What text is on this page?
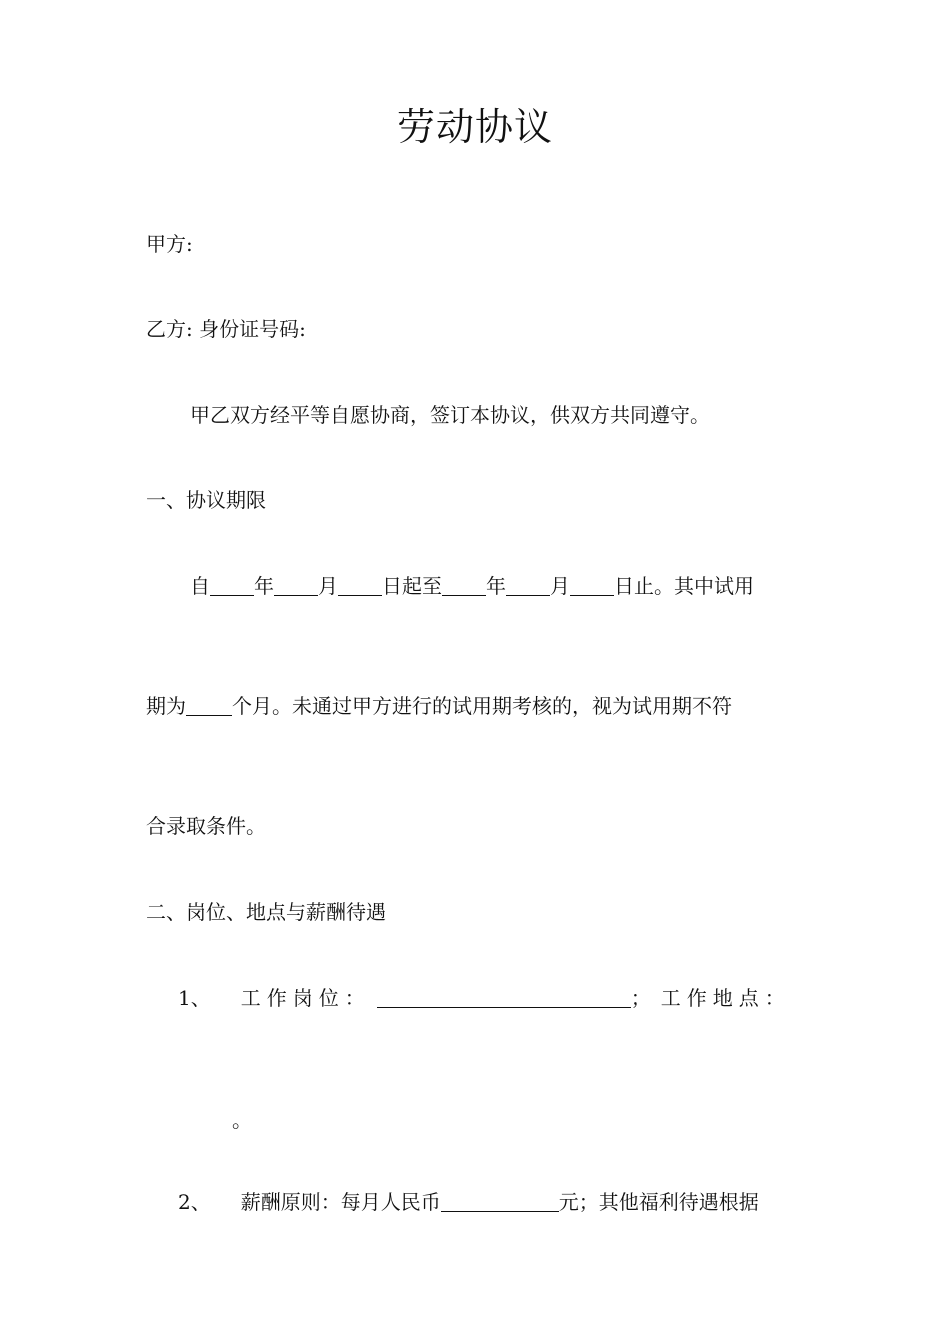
劳动协议
甲方:
乙方: 身份证号码:
甲乙双方经平等自愿协商，签订本协议，供双方共同遵守。
一、协议期限
自 年 月 日起至 年 月 日止。其中试用
期为 个月。未通过甲方进行的试用期考核的，视为试用期不符
合录取条件。
二、岗位、地点与薪酬待遇
1、 工作岗位：	； 工作地点：
。
2、 薪酬原则：每月人民币	元；其他福利待遇根据
